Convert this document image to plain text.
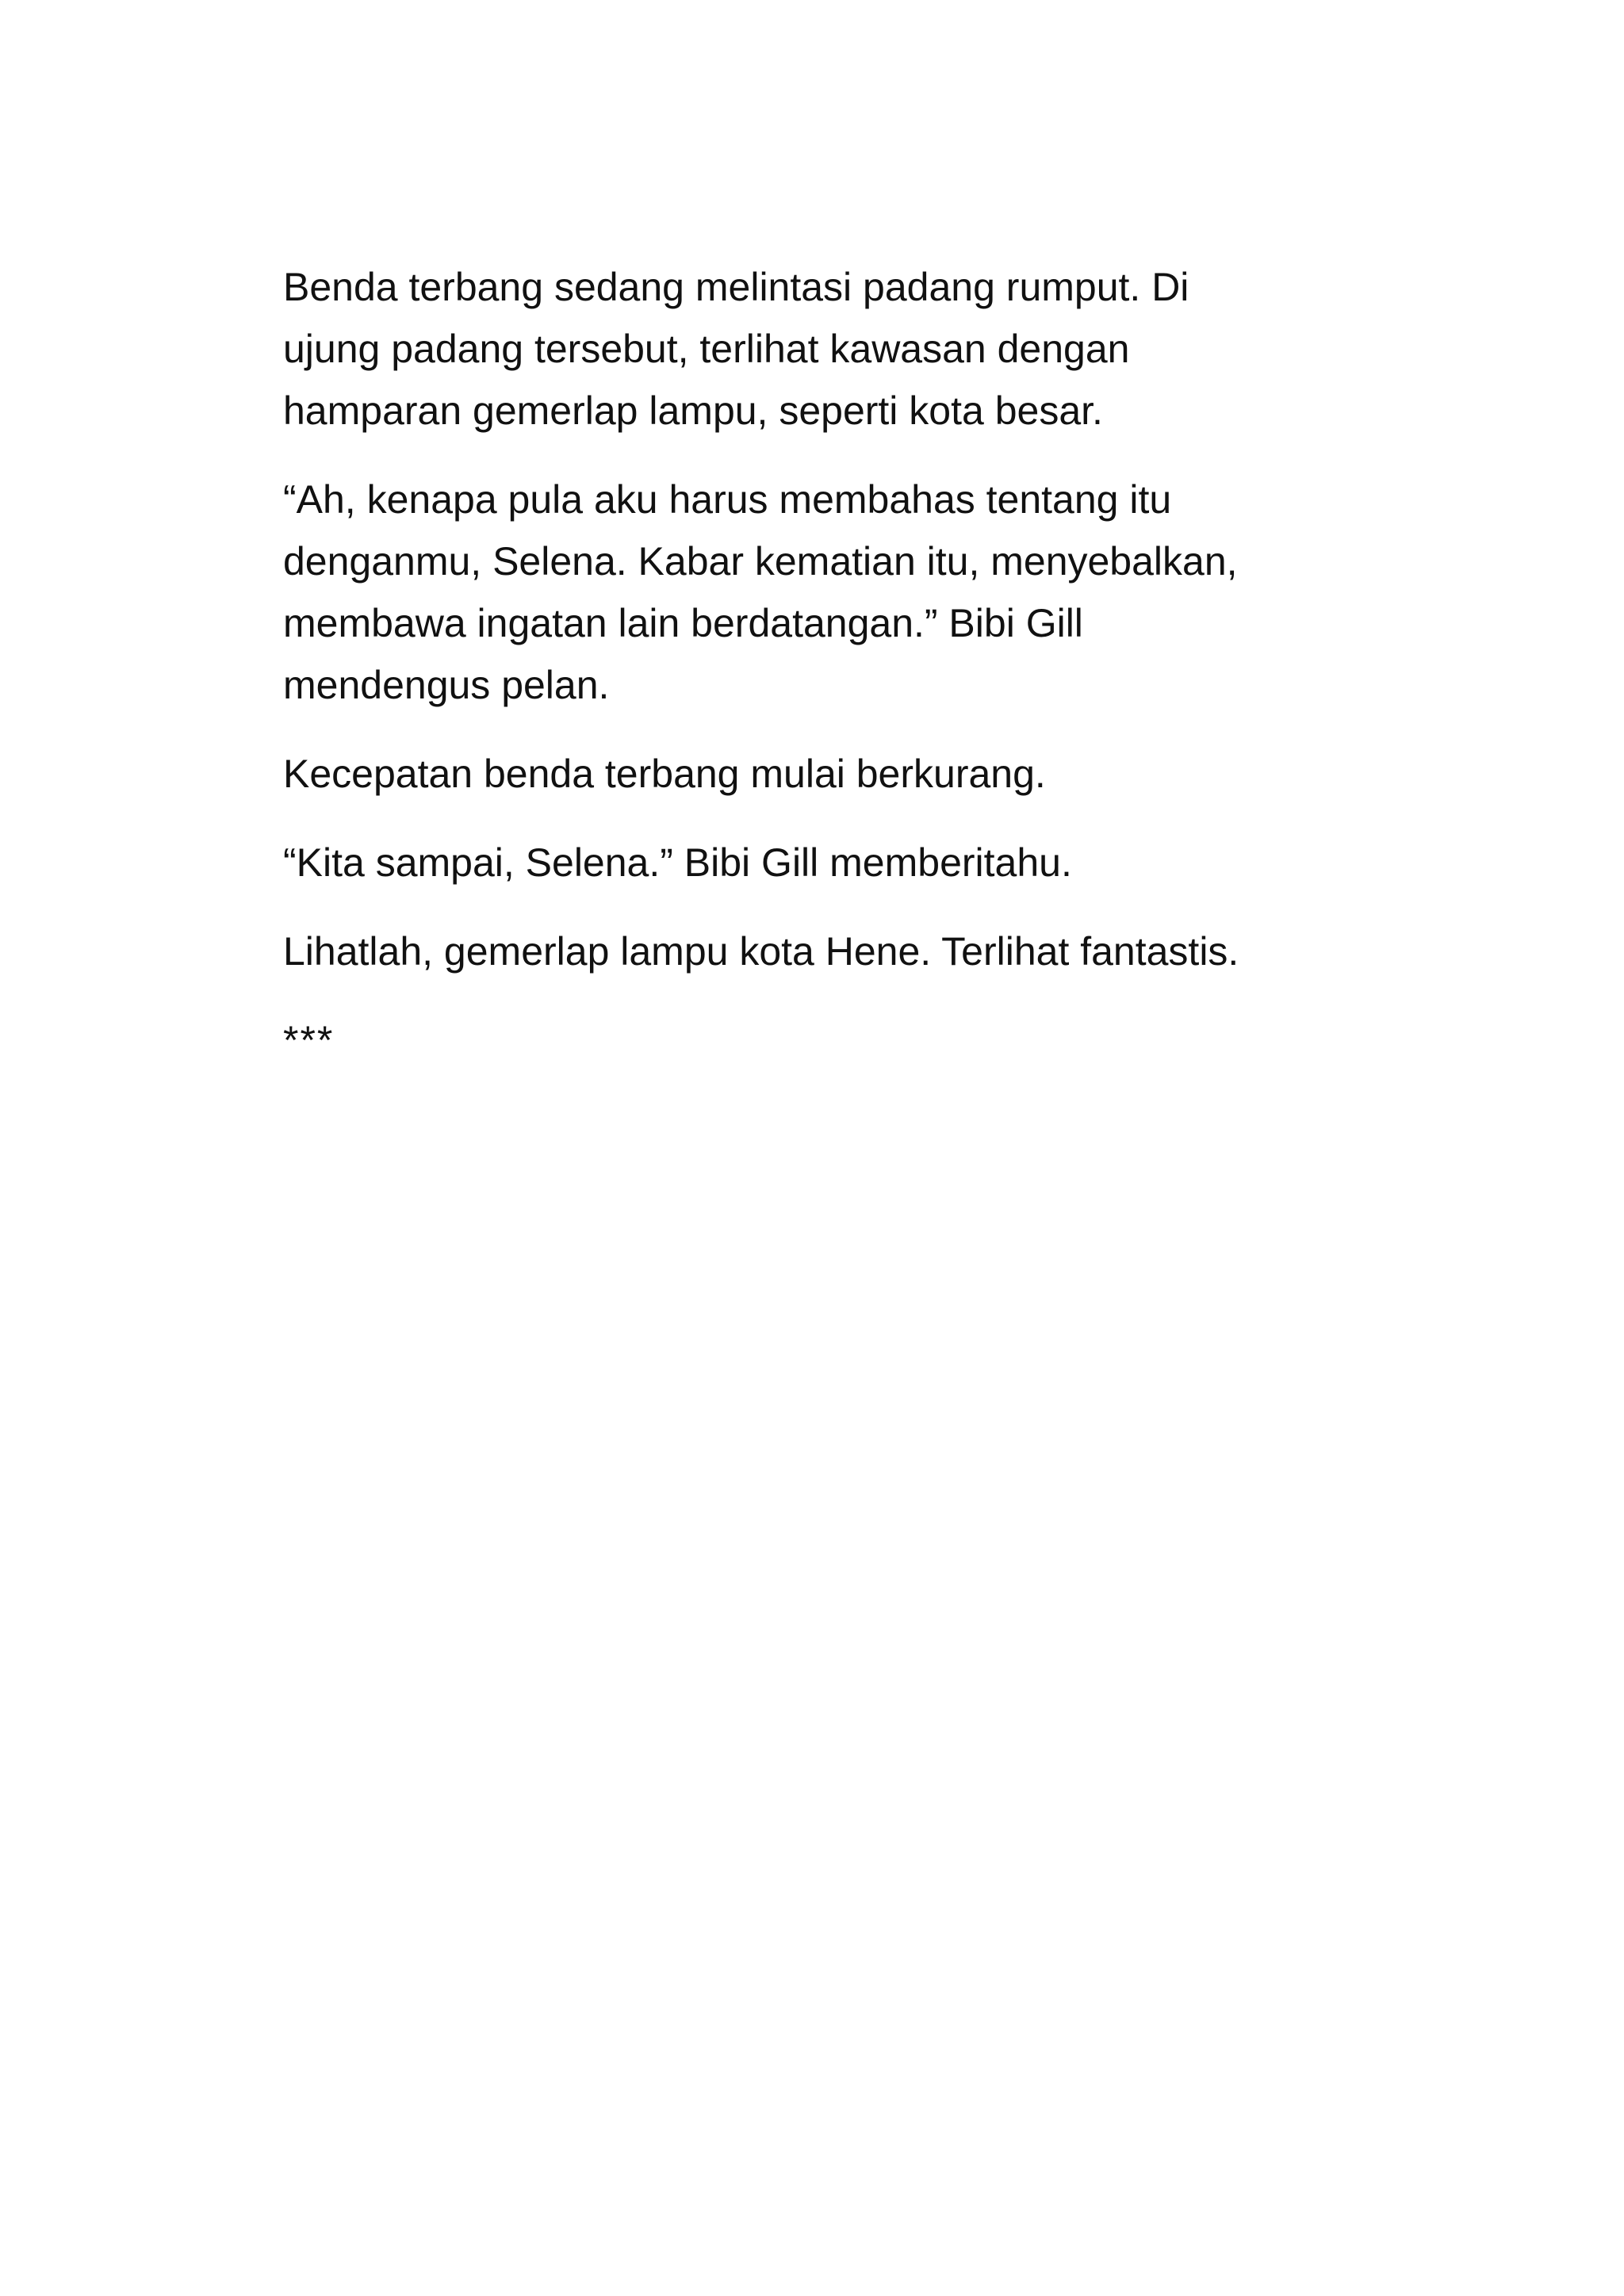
Benda terbang sedang melintasi padang rumput. Di
ujung padang tersebut, terlihat kawasan dengan
hamparan gemerlap lampu, seperti kota besar.

“Ah, kenapa pula aku harus membahas tentang itu
denganmu, Selena. Kabar kematian itu, menyebalkan,
membawa ingatan lain berdatangan.” Bibi Gill
mendengus pelan.

Kecepatan benda terbang mulai berkurang.

“Kita sampai, Selena.” Bibi Gill memberitahu.

Lihatlah, gemerlap lampu kota Hene. Terlihat fantastis.

***
